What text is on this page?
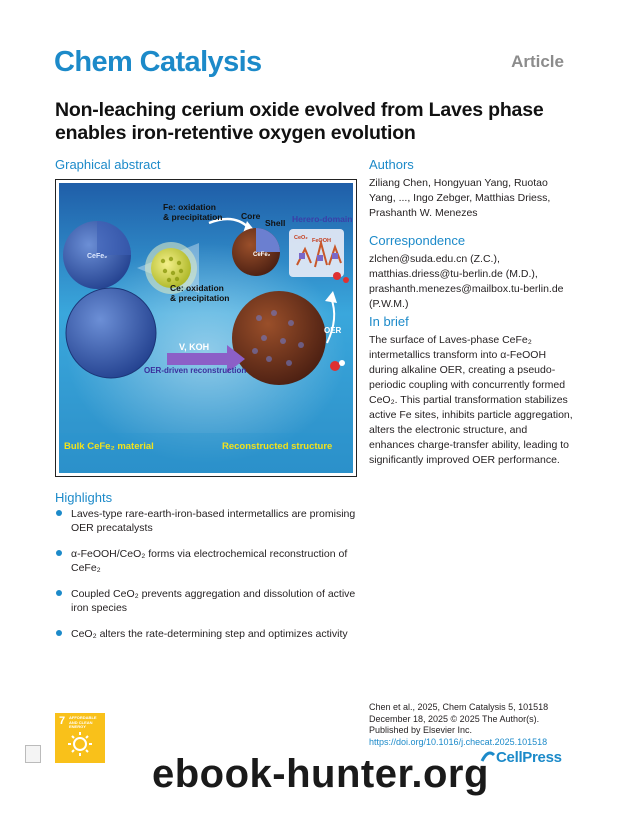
Chem Catalysis	Article
Non-leaching cerium oxide evolved from Laves phase enables iron-retentive oxygen evolution
Graphical abstract
Fe: oxidation
& precipitation Core
Shell Herero-domain
CeFe₂	CeFe₂
CeO₂ FeOOH
Ce: oxidation
& precipitation
V, KOH
OER-driven reconstruction
OER
Bulk CeFe₂ material	Reconstructed structure
Authors
Ziliang Chen, Hongyuan Yang, Ruotao Yang, ..., Ingo Zebger, Matthias Driess, Prashanth W. Menezes
Correspondence
zlchen@suda.edu.cn (Z.C.), matthias.driess@tu-berlin.de (M.D.), prashanth.menezes@mailbox.tu-berlin.de (P.W.M.)
In brief
The surface of Laves-phase CeFe₂ intermetallics transform into α-FeOOH during alkaline OER, creating a pseudo-periodic coupling with concurrently formed CeO₂. This partial transformation stabilizes active Fe sites, inhibits particle aggregation, alters the electronic structure, and enhances charge-transfer ability, leading to significantly improved OER performance.
Highlights
Laves-type rare-earth-iron-based intermetallics are promising OER precatalysts
α-FeOOH/CeO₂ forms via electrochemical reconstruction of CeFe₂
Coupled CeO₂ prevents aggregation and dissolution of active iron species
CeO₂ alters the rate-determining step and optimizes activity
7 AFFORDABLE AND CLEAN ENERGY
Chen et al., 2025, Chem Catalysis 5, 101518
December 18, 2025 © 2025 The Author(s).
Published by Elsevier Inc.
https://doi.org/10.1016/j.checat.2025.101518
CellPress
ebook-hunter.org
